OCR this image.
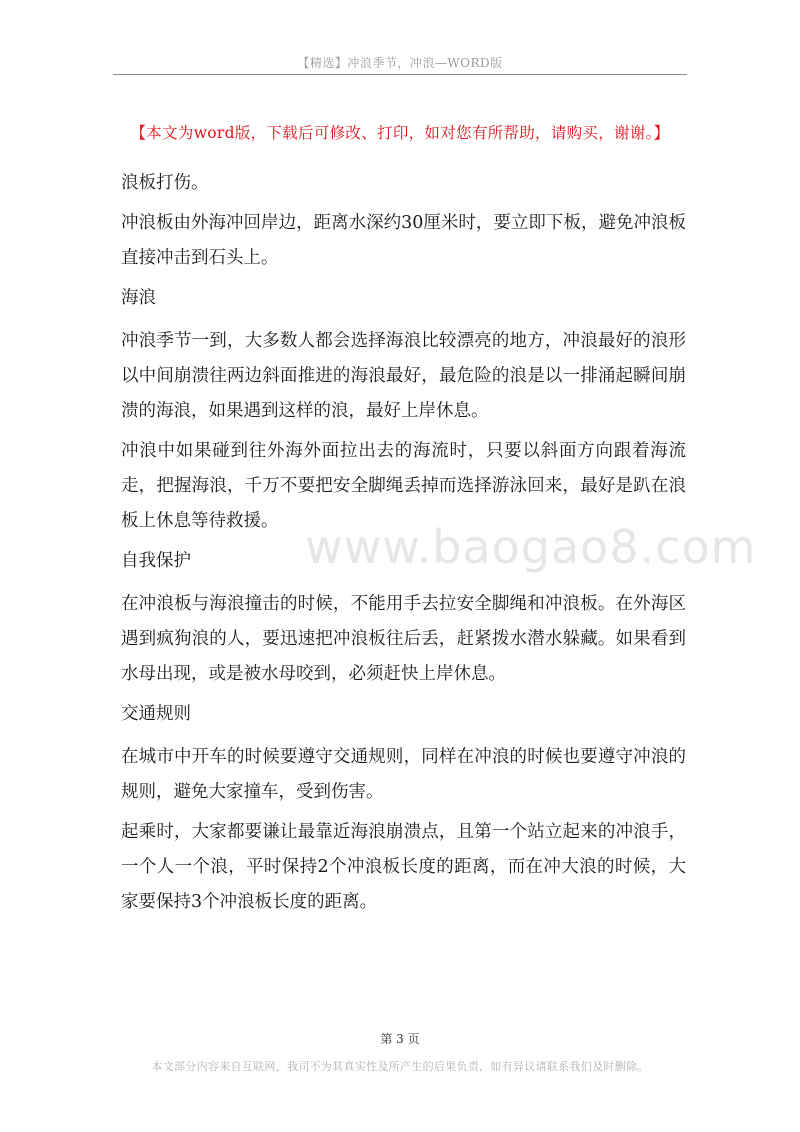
【精选】冲浪季节，冲浪—WORD版
【本文为word版，下载后可修改、打印，如对您有所帮助，请购买，谢谢。】

浪板打伤。

冲浪板由外海冲回岸边，距离水深约30厘米时，要立即下板，避免冲浪板直接冲击到石头上。

海浪

冲浪季节一到，大多数人都会选择海浪比较漂亮的地方，冲浪最好的浪形以中间崩溃往两边斜面推进的海浪最好，最危险的浪是以一排涌起瞬间崩溃的海浪，如果遇到这样的浪，最好上岸休息。

冲浪中如果碰到往外海外面拉出去的海流时，只要以斜面方向跟着海流走，把握海浪，千万不要把安全脚绳丢掉而选择游泳回来，最好是趴在浪板上休息等待救援。

自我保护

在冲浪板与海浪撞击的时候，不能用手去拉安全脚绳和冲浪板。在外海区遇到疯狗浪的人，要迅速把冲浪板往后丢，赶紧拨水潜水躲藏。如果看到水母出现，或是被水母咬到，必须赶快上岸休息。

交通规则

在城市中开车的时候要遵守交通规则，同样在冲浪的时候也要遵守冲浪的规则，避免大家撞车，受到伤害。

起乘时，大家都要谦让最靠近海浪崩溃点，且第一个站立起来的冲浪手，一个人一个浪，平时保持2个冲浪板长度的距离，而在冲大浪的时候，大家要保持3个冲浪板长度的距离。

www.baogao8.com
第 3 页
本文部分内容来自互联网，我司不为其真实性及所产生的后果负责，如有异议请联系我们及时删除。
